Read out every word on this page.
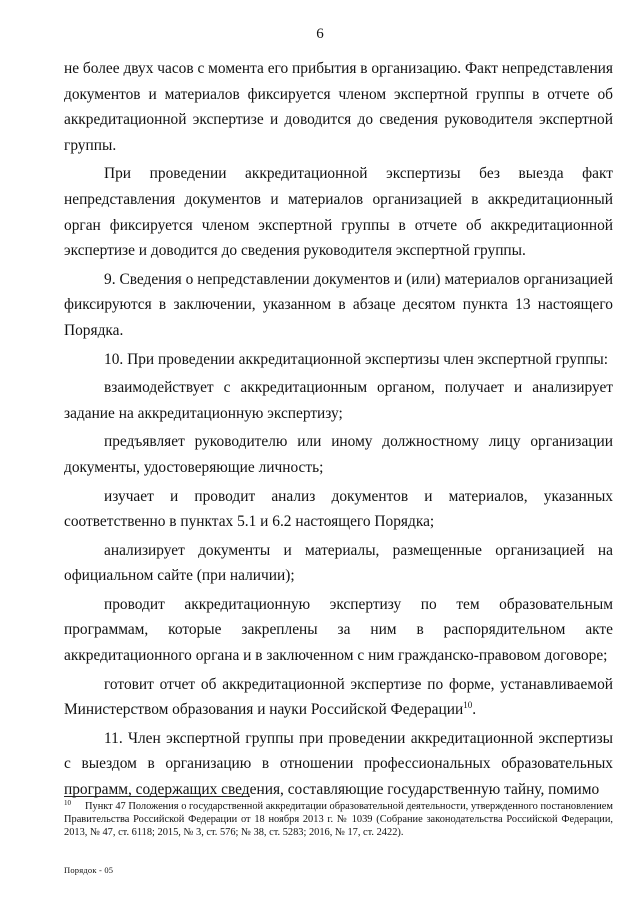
6

не более двух часов с момента его прибытия в организацию. Факт непредставления документов и материалов фиксируется членом экспертной группы в отчете об аккредитационной экспертизе и доводится до сведения руководителя экспертной группы.

При проведении аккредитационной экспертизы без выезда факт непредставления документов и материалов организацией в аккредитационный орган фиксируется членом экспертной группы в отчете об аккредитационной экспертизе и доводится до сведения руководителя экспертной группы.

9. Сведения о непредставлении документов и (или) материалов организацией фиксируются в заключении, указанном в абзаце десятом пункта 13 настоящего Порядка.

10. При проведении аккредитационной экспертизы член экспертной группы:

взаимодействует с аккредитационным органом, получает и анализирует задание на аккредитационную экспертизу;

предъявляет руководителю или иному должностному лицу организации документы, удостоверяющие личность;

изучает и проводит анализ документов и материалов, указанных соответственно в пунктах 5.1 и 6.2 настоящего Порядка;

анализирует документы и материалы, размещенные организацией на официальном сайте (при наличии);

проводит аккредитационную экспертизу по тем образовательным программам, которые закреплены за ним в распорядительном акте аккредитационного органа и в заключенном с ним гражданско-правовом договоре;

готовит отчет об аккредитационной экспертизе по форме, устанавливаемой Министерством образования и науки Российской Федерации$^{10}$.

11. Член экспертной группы при проведении аккредитационной экспертизы с выездом в организацию в отношении профессиональных образовательных программ, содержащих сведения, составляющие государственную тайну, помимо

$^{10}$ Пункт 47 Положения о государственной аккредитации образовательной деятельности, утвержденного постановлением Правительства Российской Федерации от 18 ноября 2013 г. № 1039 (Собрание законодательства Российской Федерации, 2013, № 47, ст. 6118; 2015, № 3, ст. 576; № 38, ст. 5283; 2016, № 17, ст. 2422).
Порядок - 05
